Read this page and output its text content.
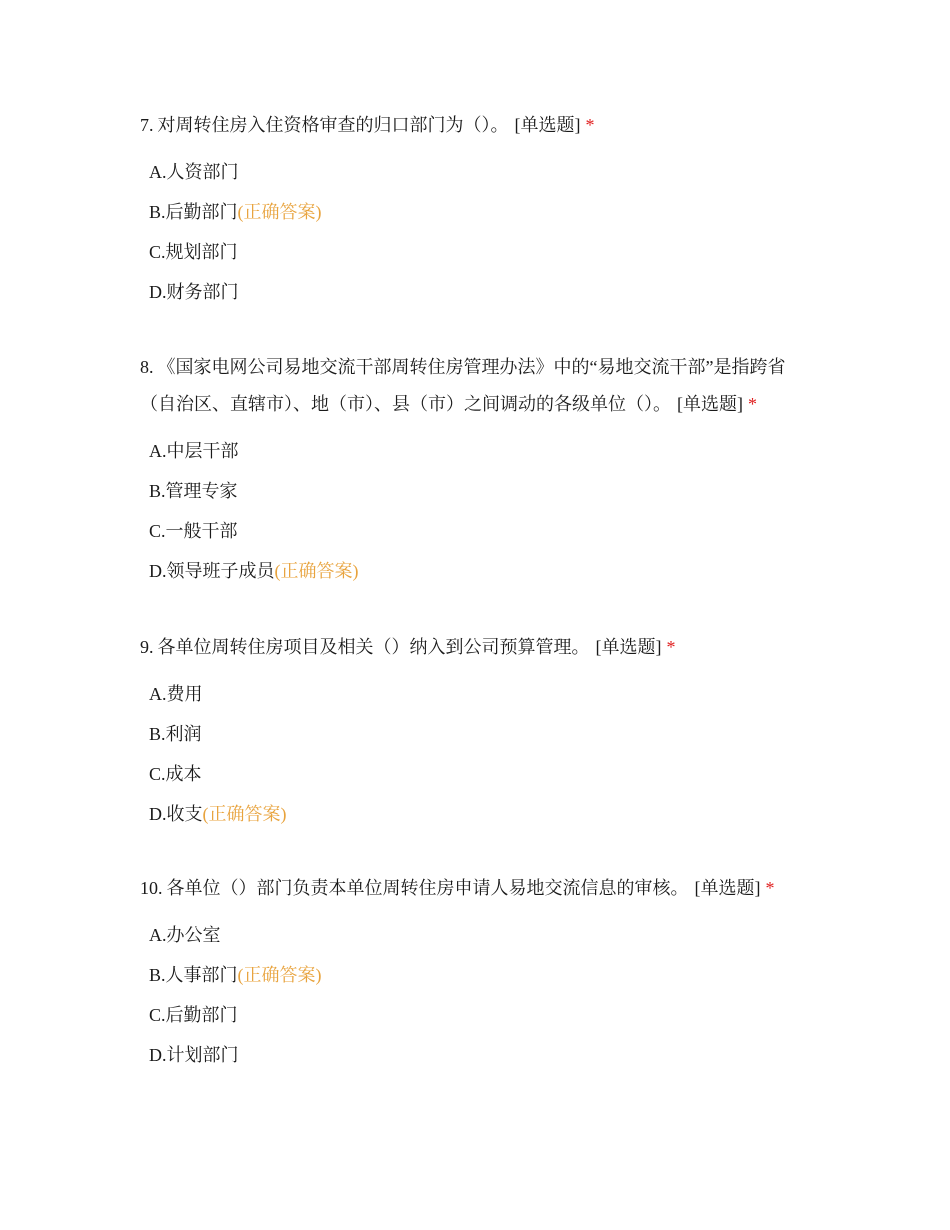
7. 对周转住房入住资格审查的归口部门为（）。 [单选题] *

A.人资部门
B.后勤部门(正确答案)
C.规划部门
D.财务部门

8. 《国家电网公司易地交流干部周转住房管理办法》中的“易地交流干部”是指跨省（自治区、直辖市）、地（市）、县（市）之间调动的各级单位（）。 [单选题] *

A.中层干部
B.管理专家
C.一般干部
D.领导班子成员(正确答案)

9. 各单位周转住房项目及相关（）纳入到公司预算管理。 [单选题] *

A.费用
B.利润
C.成本
D.收支(正确答案)

10. 各单位（）部门负责本单位周转住房申请人易地交流信息的审核。 [单选题] *

A.办公室
B.人事部门(正确答案)
C.后勤部门
D.计划部门
